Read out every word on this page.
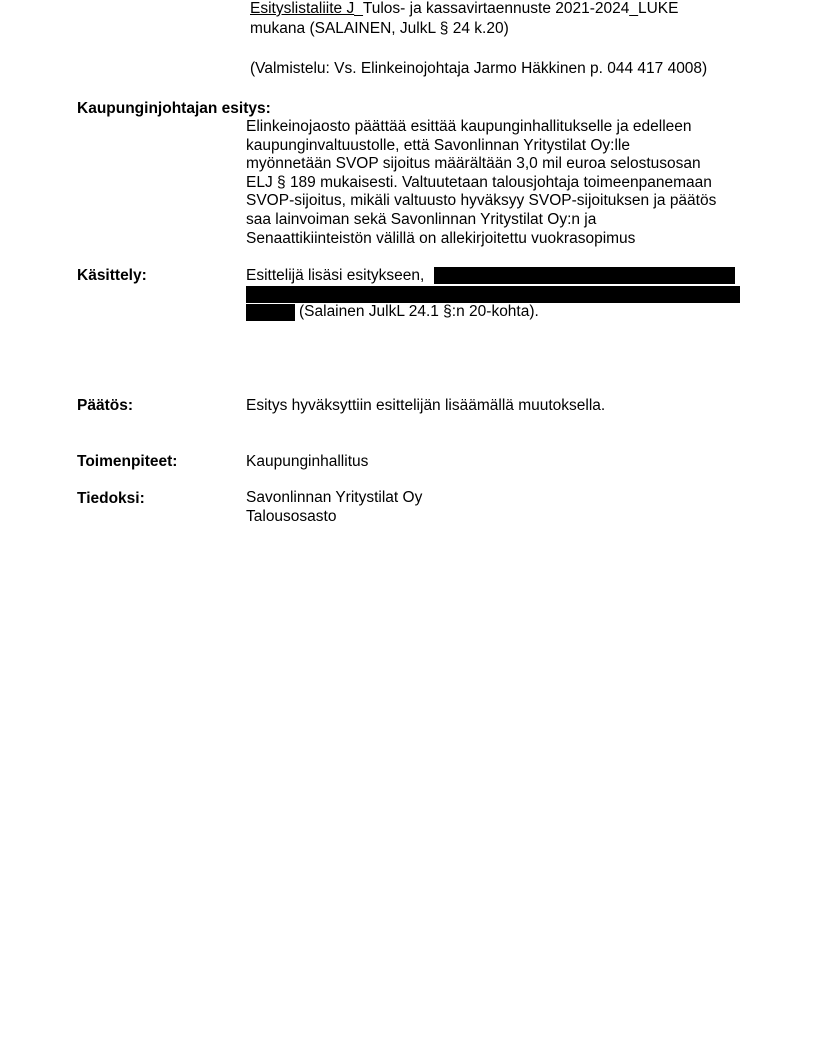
Esityslistaliite J_Tulos- ja kassavirtaennuste 2021-2024_LUKE
mukana (SALAINEN, JulkL § 24 k.20)
(Valmistelu: Vs. Elinkeinojohtaja Jarmo Häkkinen p. 044 417 4008)
Kaupunginjohtajan esitys:
Elinkeinojaosto päättää esittää kaupunginhallitukselle ja edelleen
kaupunginvaltuustolle, että Savonlinnan Yritystilat Oy:lle
myönnetään SVOP sijoitus määrältään 3,0 mil euroa selostusosan
ELJ § 189 mukaisesti. Valtuutetaan talousjohtaja toimeenpanemaan
SVOP-sijoitus, mikäli valtuusto hyväksyy SVOP-sijoituksen ja päätös
saa lainvoiman sekä Savonlinnan Yritystilat Oy:n ja
Senaattikiinteistön välillä on allekirjoitettu vuokrasopimus
Käsittely:	Esittelijä lisäsi esitykseen,
(Salainen JulkL 24.1 §:n 20-kohta).
Päätös:	Esitys hyväksyttiin esittelijän lisäämällä muutoksella.
Toimenpiteet:	Kaupunginhallitus
Tiedoksi:	Savonlinnan Yritystilat Oy
Talousosasto
